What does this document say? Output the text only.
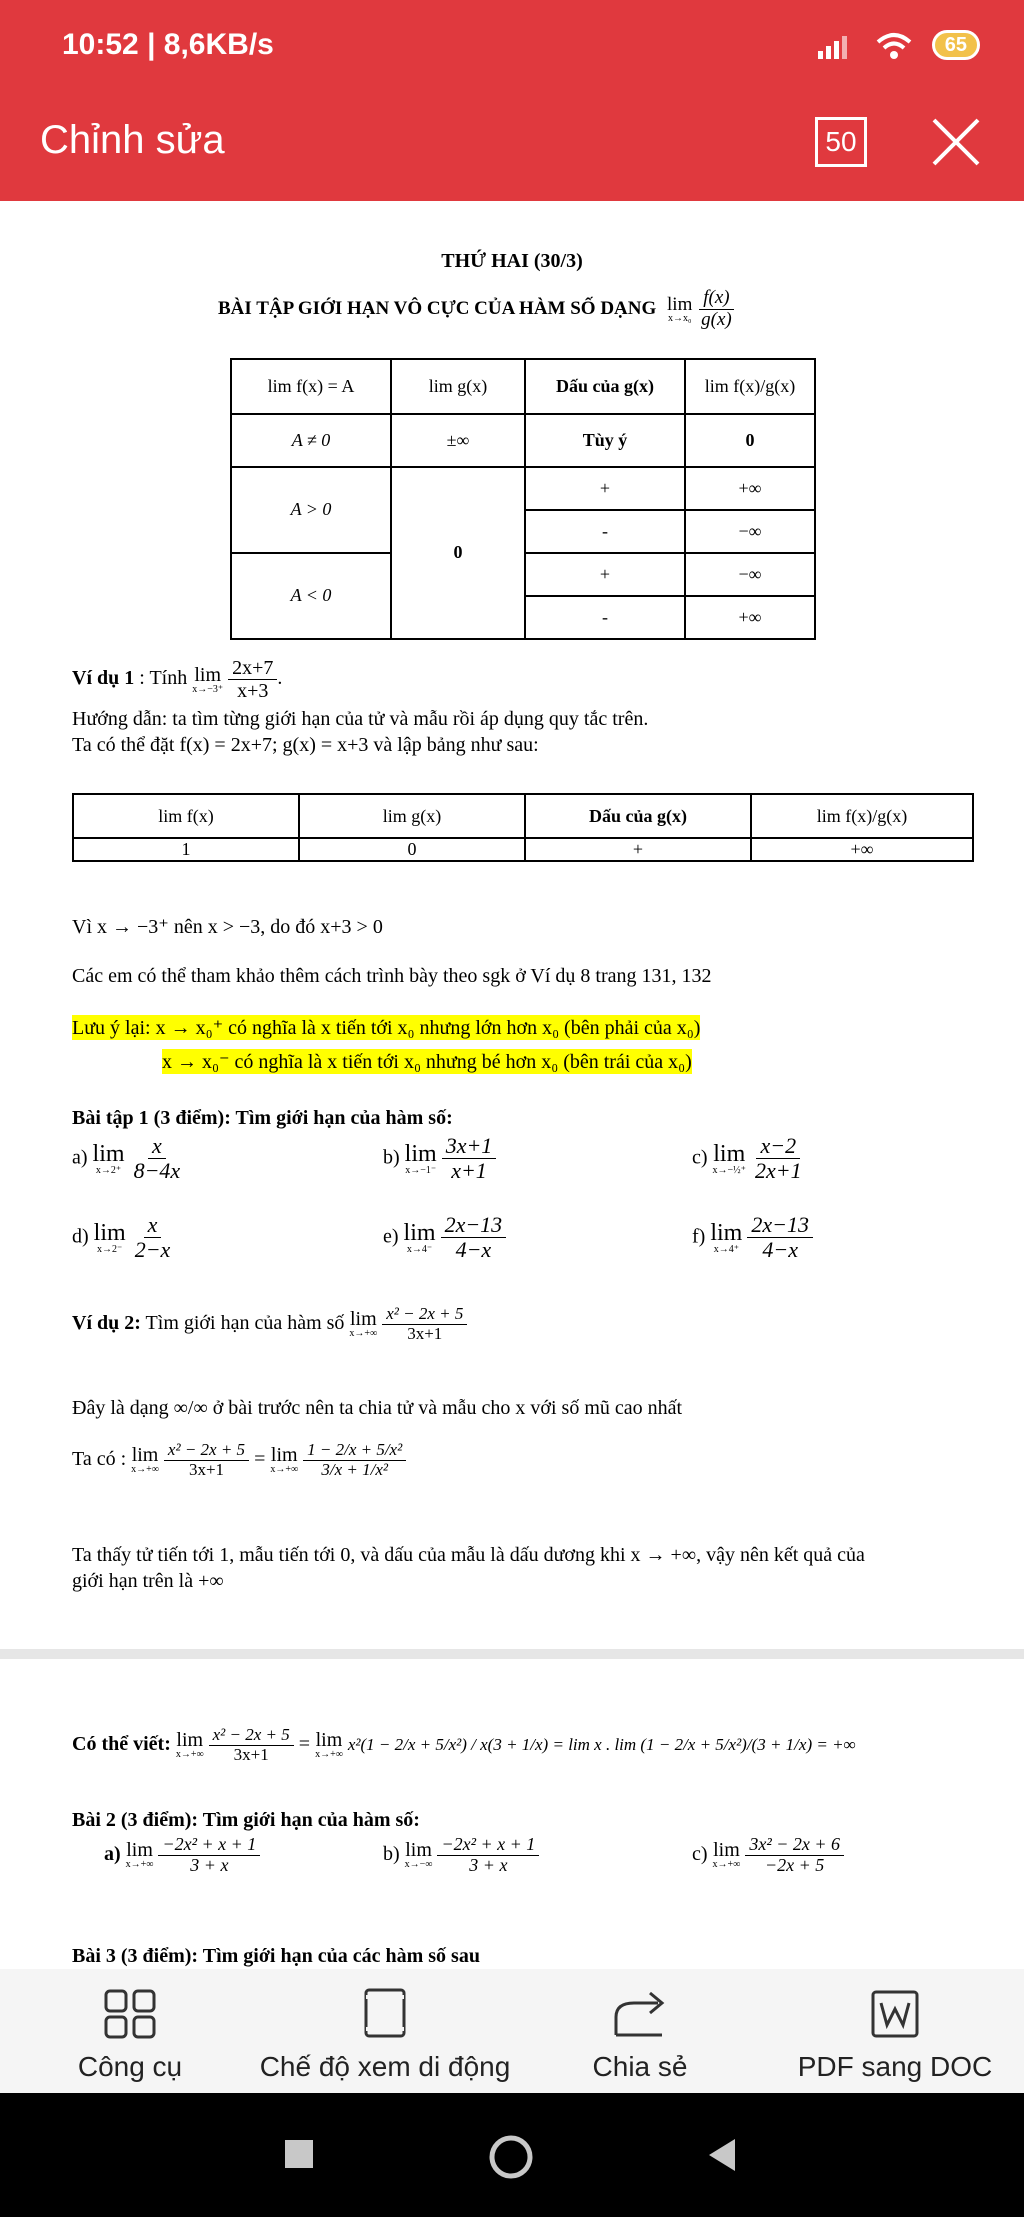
10:52 | 8,6KB/s	65
Chỉnh sửa	50
THỨ HAI (30/3)
BÀI TẬP GIỚI HẠN VÔ CỰC CỦA HÀM SỐ DẠNG lim
x→x₀
$\frac{f(x)}{g(x)}$
lim f(x) = A	lim g(x)	Dấu của g(x)	lim f(x)/g(x)
A ≠ 0	±∞	Tùy ý	0
A > 0	0	+	+∞
		-	−∞
A < 0		+	−∞
		-	+∞
Ví dụ 1 : Tính lim
x→−3⁺
$\frac{2x+7}{x+3}$ .
Hướng dẫn: ta tìm từng giới hạn của tử và mẫu rồi áp dụng quy tắc trên.
Ta có thể đặt f(x) = 2x+7; g(x) = x+3 và lập bảng như sau:
lim f(x)	lim g(x)	Dấu của g(x)	lim f(x)/g(x)
1	0	+	+∞
Vì x → −3⁺ nên x > −3, do đó x+3 > 0
Các em có thể tham khảo thêm cách trình bày theo sgk ở Ví dụ 8 trang 131, 132
Lưu ý lại: x → x₀⁺ có nghĩa là x tiến tới x₀ nhưng lớn hơn x₀ (bên phải của x₀)
x → x₀⁻ có nghĩa là x tiến tới x₀ nhưng bé hơn x₀ (bên trái của x₀)
Bài tập 1 (3 điểm): Tìm giới hạn của hàm số:
a) lim
x→2⁺
$\frac{x}{8-4x}$	b) lim
x→−1⁻
$\frac{3x+1}{x+1}$	c) lim
x→−½⁺
$\frac{x-2}{2x+1}$
d) lim
x→2⁻
$\frac{x}{2-x}$	e) lim
x→4⁻
$\frac{2x-13}{4-x}$	f) lim
x→4⁺
$\frac{2x-13}{4-x}$
Ví dụ 2: Tìm giới hạn của hàm số lim
x→+∞
$\frac{\text{x² − 2x + 5}}{3x+1}$
Đây là dạng ∞/∞ ở bài trước nên ta chia tử và mẫu cho x với số mũ cao nhất
Ta có : lim
x→+∞
$\frac{\text{x² − 2x + 5}}{3x+1} = \lim$
x→+∞
$\frac{\text{1 − 2/x + 5/x²}}{\text{3/x + 1/x²}}$
Ta thấy tử tiến tới 1, mẫu tiến tới 0, và dấu của mẫu là dấu dương khi x → +∞, vậy nên kết quả của
giới hạn trên là +∞
Có thể viết: lim
x→+∞
$\frac{\text{x² − 2x + 5}}{3x+1} = \lim$
x→+∞
x²(1 − 2/x + 5/x²) / x(3 + 1/x) = lim x . lim (1 − 2/x + 5/x²)/(3 + 1/x) = +∞
Bài 2 (3 điểm): Tìm giới hạn của hàm số:
a) lim
x→+∞
$\frac{\text{−2x² + x + 1}}{3 + x}$	b) lim
x→−∞
$\frac{\text{−2x² + x + 1}}{3 + x}$	c) lim
x→+∞
$\frac{\text{3x² − 2x + 6}}{-2x + 5}$
Bài 3 (3 điểm): Tìm giới hạn của các hàm số sau
Công cụ	Chế độ xem di động	Chia sẻ	PDF sang DOC
